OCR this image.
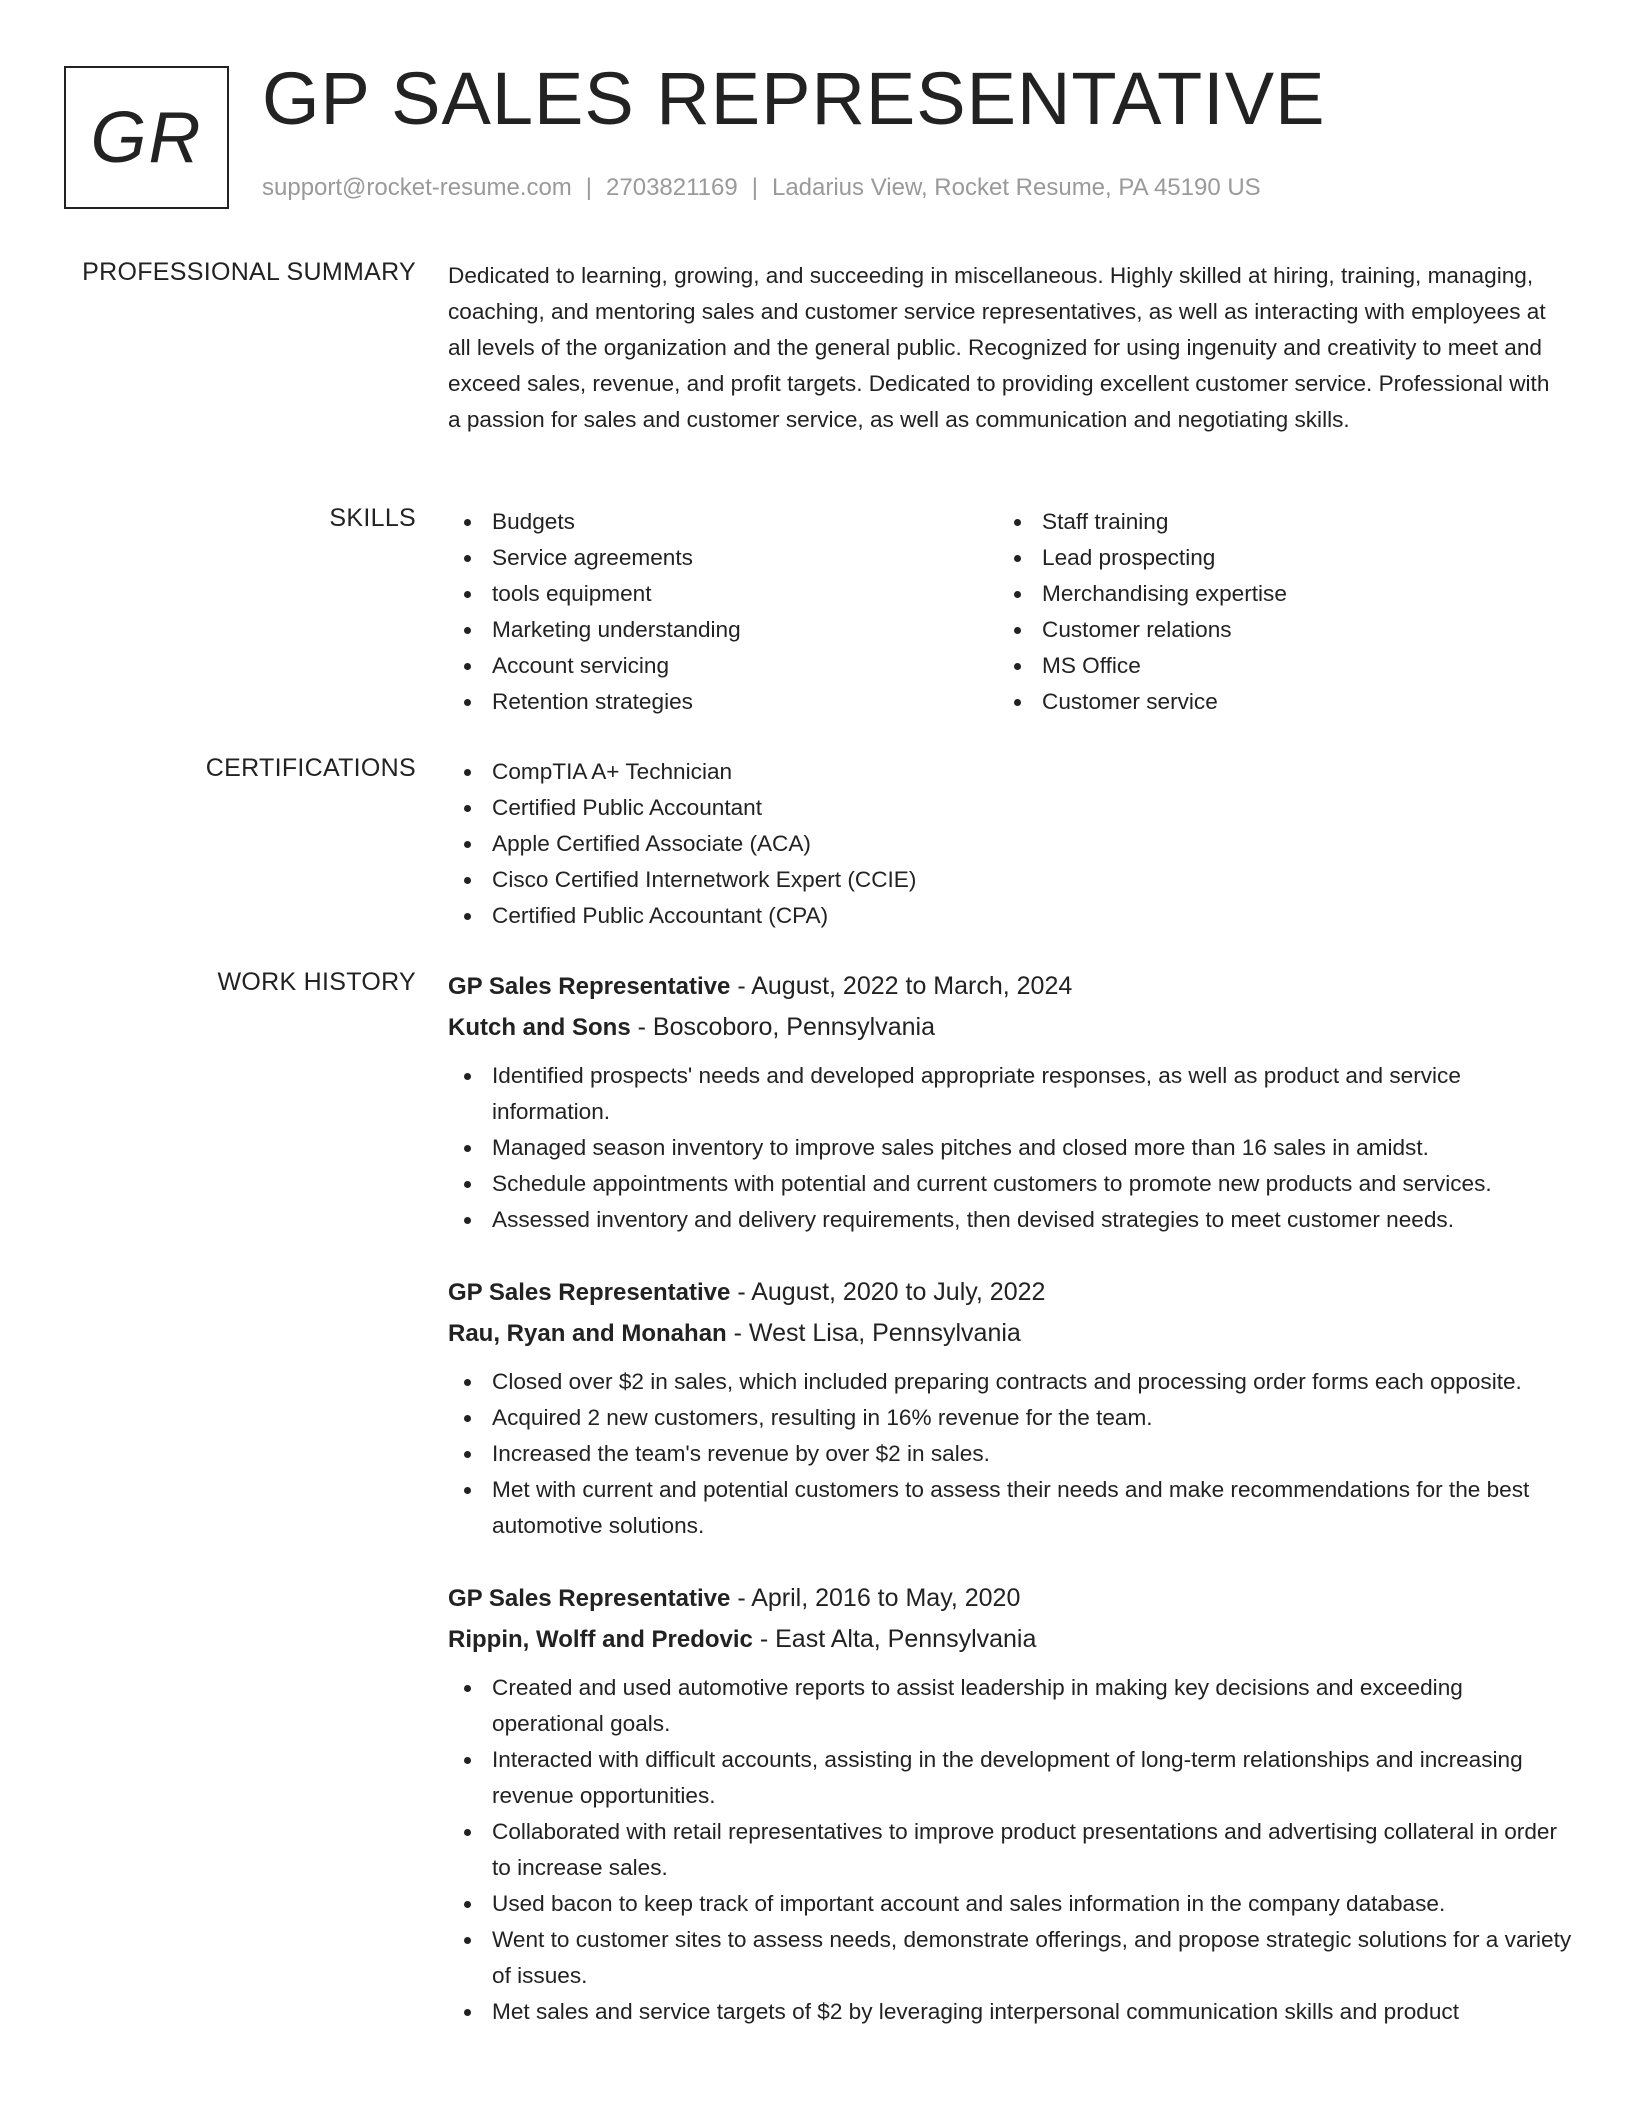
GR GP SALES REPRESENTATIVE
support@rocket-resume.com | 2703821169 | Ladarius View, Rocket Resume, PA 45190 US
PROFESSIONAL SUMMARY Dedicated to learning, growing, and succeeding in miscellaneous. Highly skilled at hiring, training, managing, coaching, and mentoring sales and customer service representatives, as well as interacting with employees at all levels of the organization and the general public. Recognized for using ingenuity and creativity to meet and exceed sales, revenue, and profit targets. Dedicated to providing excellent customer service. Professional with a passion for sales and customer service, as well as communication and negotiating skills.

SKILLS	Budgets
Service agreements
tools equipment
Marketing understanding
Account servicing
Retention strategies
Staff training
Lead prospecting
Merchandising expertise
Customer relations
MS Office
Customer service
CERTIFICATIONS	CompTIA A+ Technician
Certified Public Accountant
Apple Certified Associate (ACA)
Cisco Certified Internetwork Expert (CCIE)
Certified Public Accountant (CPA)
WORK HISTORY GP Sales Representative - August, 2022 to March, 2024
Kutch and Sons - Boscoboro, Pennsylvania
Identified prospects' needs and developed appropriate responses, as well as product and service information.
Managed season inventory to improve sales pitches and closed more than 16 sales in amidst.
Schedule appointments with potential and current customers to promote new products and services.
Assessed inventory and delivery requirements, then devised strategies to meet customer needs.
GP Sales Representative - August, 2020 to July, 2022
Rau, Ryan and Monahan - West Lisa, Pennsylvania
Closed over $2 in sales, which included preparing contracts and processing order forms each opposite.
Acquired 2 new customers, resulting in 16% revenue for the team.
Increased the team's revenue by over $2 in sales.
Met with current and potential customers to assess their needs and make recommendations for the best automotive solutions.
GP Sales Representative - April, 2016 to May, 2020
Rippin, Wolff and Predovic - East Alta, Pennsylvania
Created and used automotive reports to assist leadership in making key decisions and exceeding operational goals.
Interacted with difficult accounts, assisting in the development of long-term relationships and increasing revenue opportunities.
Collaborated with retail representatives to improve product presentations and advertising collateral in order to increase sales.
Used bacon to keep track of important account and sales information in the company database.
Went to customer sites to assess needs, demonstrate offerings, and propose strategic solutions for a variety of issues.
Met sales and service targets of $2 by leveraging interpersonal communication skills and product
